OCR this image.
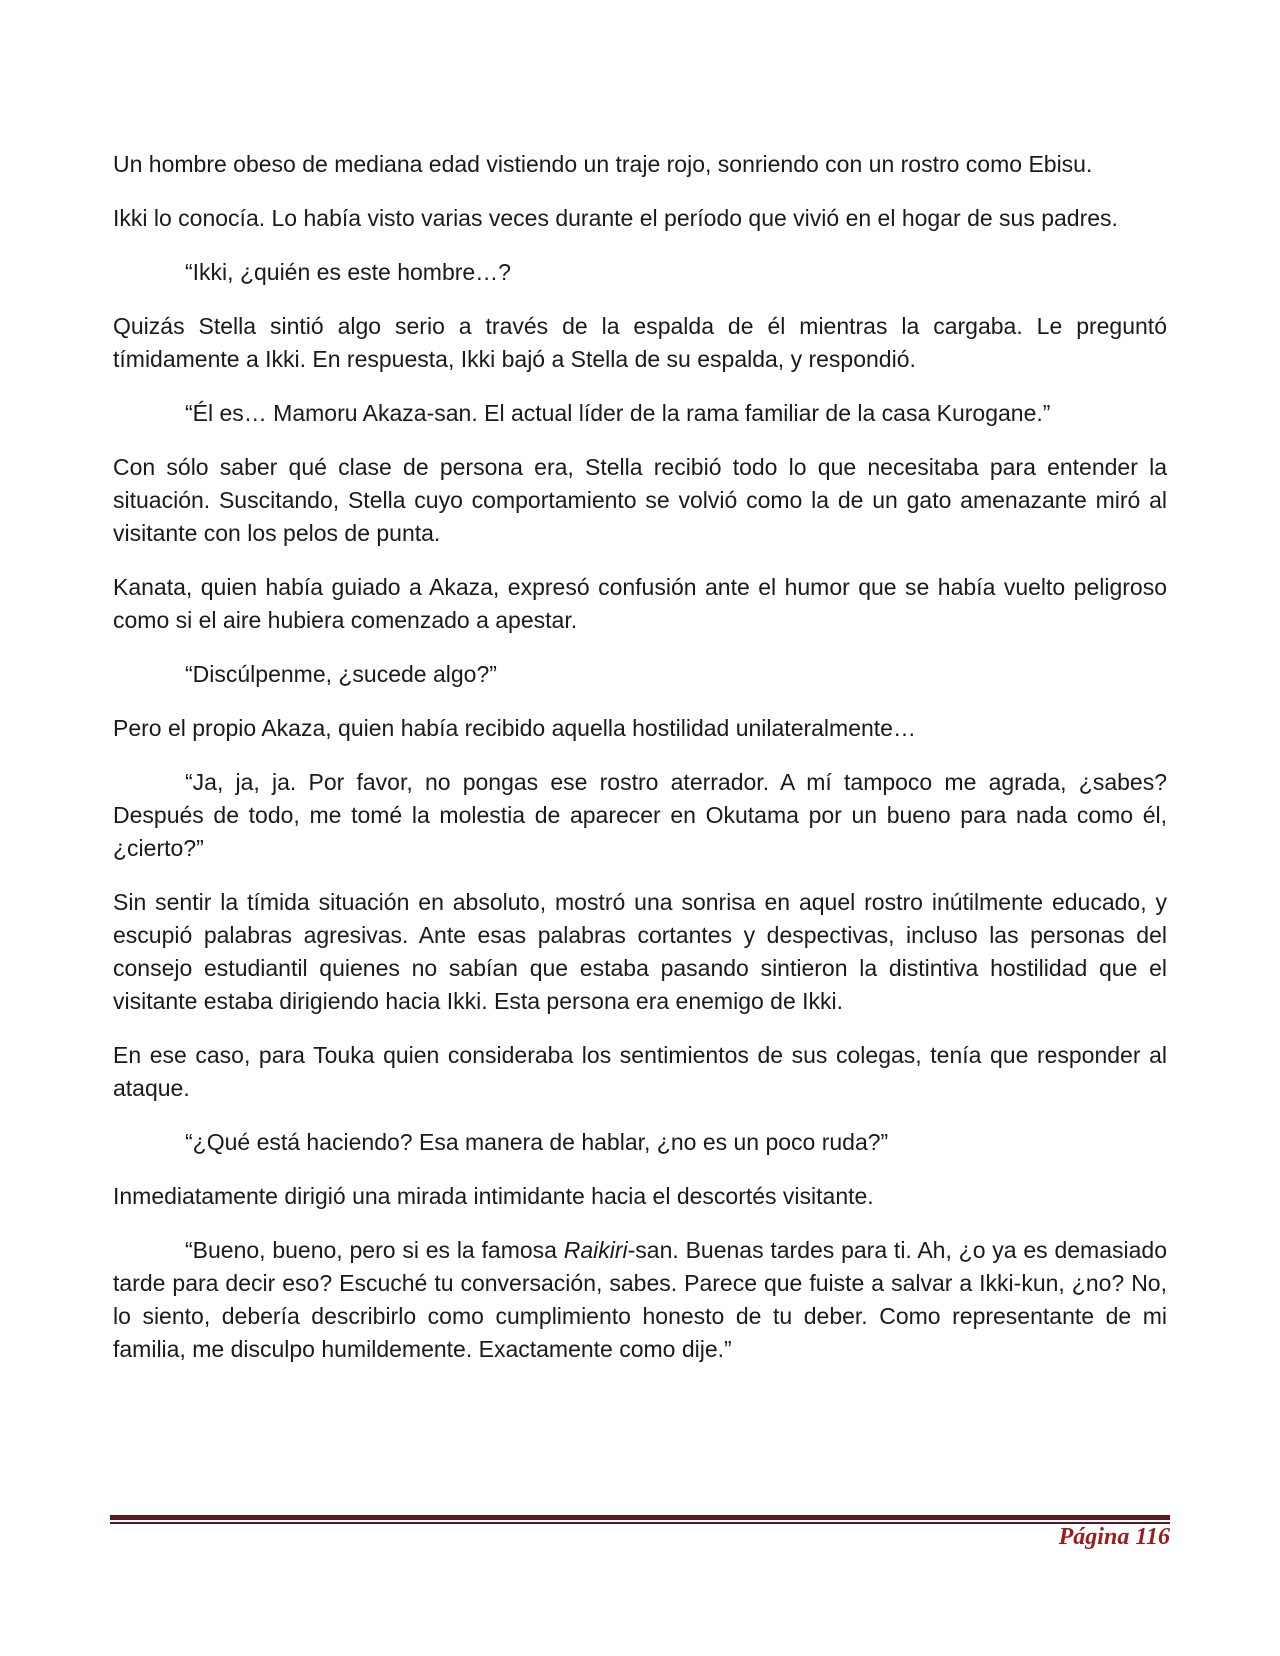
Un hombre obeso de mediana edad vistiendo un traje rojo, sonriendo con un rostro como Ebisu.

Ikki lo conocía. Lo había visto varias veces durante el período que vivió en el hogar de sus padres.

“Ikki, ¿quién es este hombre…?

Quizás Stella sintió algo serio a través de la espalda de él mientras la cargaba. Le preguntó tímidamente a Ikki. En respuesta, Ikki bajó a Stella de su espalda, y respondió.

“Él es… Mamoru Akaza-san. El actual líder de la rama familiar de la casa Kurogane.”

Con sólo saber qué clase de persona era, Stella recibió todo lo que necesitaba para entender la situación. Suscitando, Stella cuyo comportamiento se volvió como la de un gato amenazante miró al visitante con los pelos de punta.

Kanata, quien había guiado a Akaza, expresó confusión ante el humor que se había vuelto peligroso como si el aire hubiera comenzado a apestar.

“Discúlpenme, ¿sucede algo?”

Pero el propio Akaza, quien había recibido aquella hostilidad unilateralmente…

“Ja, ja, ja. Por favor, no pongas ese rostro aterrador. A mí tampoco me agrada, ¿sabes? Después de todo, me tomé la molestia de aparecer en Okutama por un bueno para nada como él, ¿cierto?”

Sin sentir la tímida situación en absoluto, mostró una sonrisa en aquel rostro inútilmente educado, y escupió palabras agresivas. Ante esas palabras cortantes y despectivas, incluso las personas del consejo estudiantil quienes no sabían que estaba pasando sintieron la distintiva hostilidad que el visitante estaba dirigiendo hacia Ikki. Esta persona era enemigo de Ikki.

En ese caso, para Touka quien consideraba los sentimientos de sus colegas, tenía que responder al ataque.

“¿Qué está haciendo? Esa manera de hablar, ¿no es un poco ruda?”

Inmediatamente dirigió una mirada intimidante hacia el descortés visitante.

“Bueno, bueno, pero si es la famosa Raikiri-san. Buenas tardes para ti. Ah, ¿o ya es demasiado tarde para decir eso? Escuché tu conversación, sabes. Parece que fuiste a salvar a Ikki-kun, ¿no? No, lo siento, debería describirlo como cumplimiento honesto de tu deber. Como representante de mi familia, me disculpo humildemente. Exactamente como dije.”

Página 116
